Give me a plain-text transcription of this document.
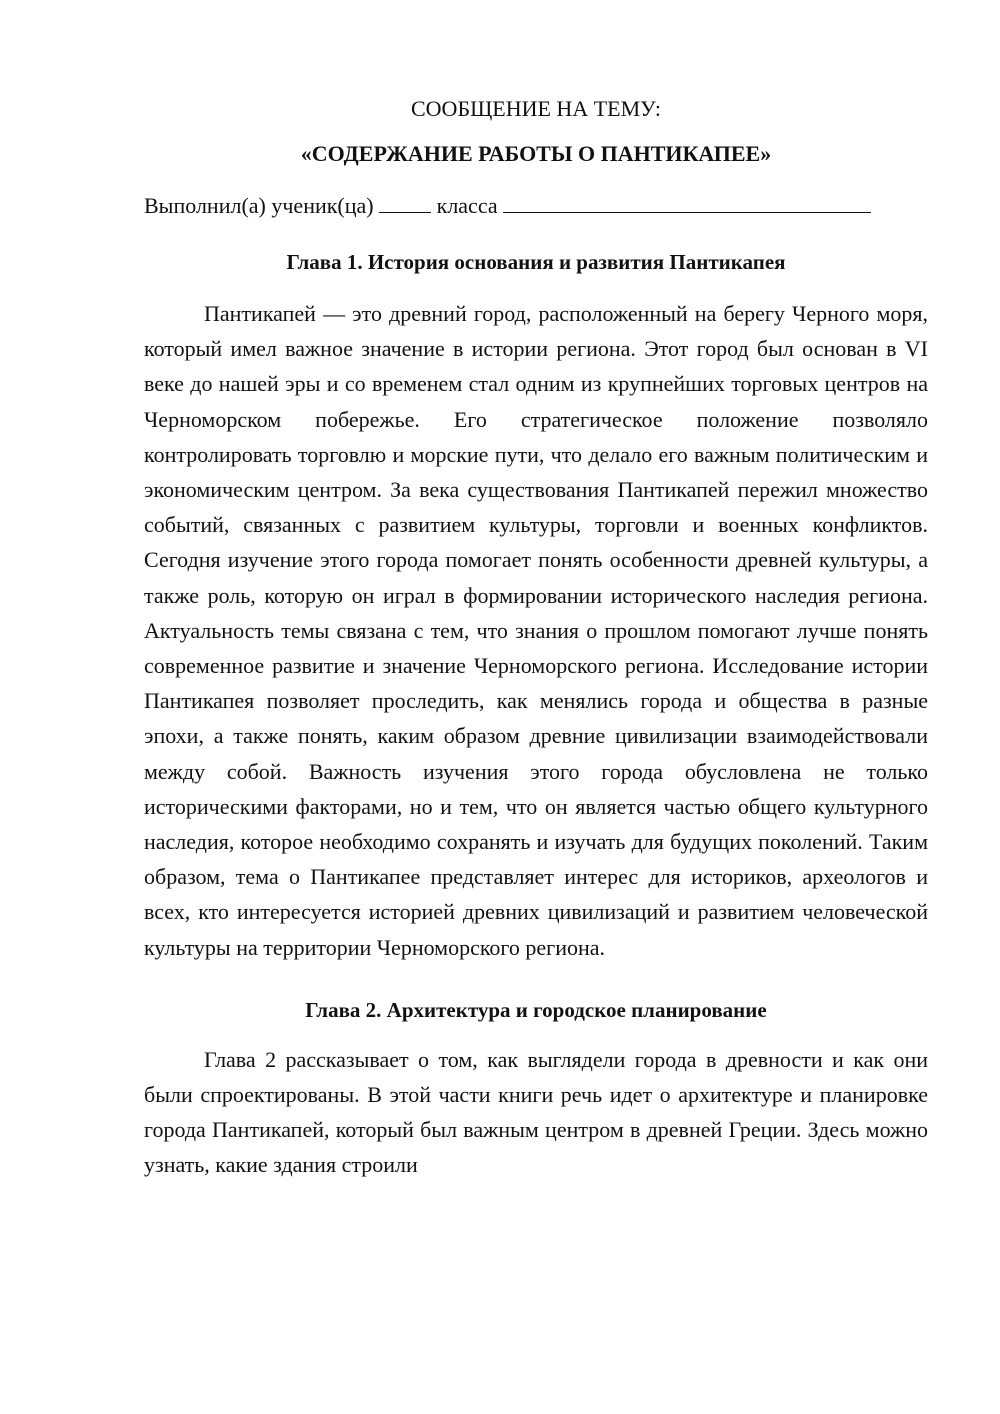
СООБЩЕНИЕ НА ТЕМУ:

«СОДЕРЖАНИЕ РАБОТЫ О ПАНТИКАПЕЕ»

Выполнил(а) ученик(ца)	класса
Глава 1. История основания и развития Пантикапея

Пантикапей — это древний город, расположенный на берегу Черного моря, который имел важное значение в истории региона. Этот город был основан в VI веке до нашей эры и со временем стал одним из крупнейших торговых центров на Черноморском побережье. Его стратегическое положение позволяло контролировать торговлю и морские пути, что делало его важным политическим и экономическим центром. За века существования Пантикапей пережил множество событий, связанных с развитием культуры, торговли и военных конфликтов. Сегодня изучение этого города помогает понять особенности древней культуры, а также роль, которую он играл в формировании исторического наследия региона. Актуальность темы связана с тем, что знания о прошлом помогают лучше понять современное развитие и значение Черноморского региона. Исследование истории Пантикапея позволяет проследить, как менялись города и общества в разные эпохи, а также понять, каким образом древние цивилизации взаимодействовали между собой. Важность изучения этого города обусловлена не только историческими факторами, но и тем, что он является частью общего культурного наследия, которое необходимо сохранять и изучать для будущих поколений. Таким образом, тема о Пантикапее представляет интерес для историков, археологов и всех, кто интересуется историей древних цивилизаций и развитием человеческой культуры на территории Черноморского региона.

Глава 2. Архитектура и городское планирование

Глава 2 рассказывает о том, как выглядели города в древности и как они были спроектированы. В этой части книги речь идет о архитектуре и планировке города Пантикапей, который был важным центром в древней Греции. Здесь можно узнать, какие здания строили
